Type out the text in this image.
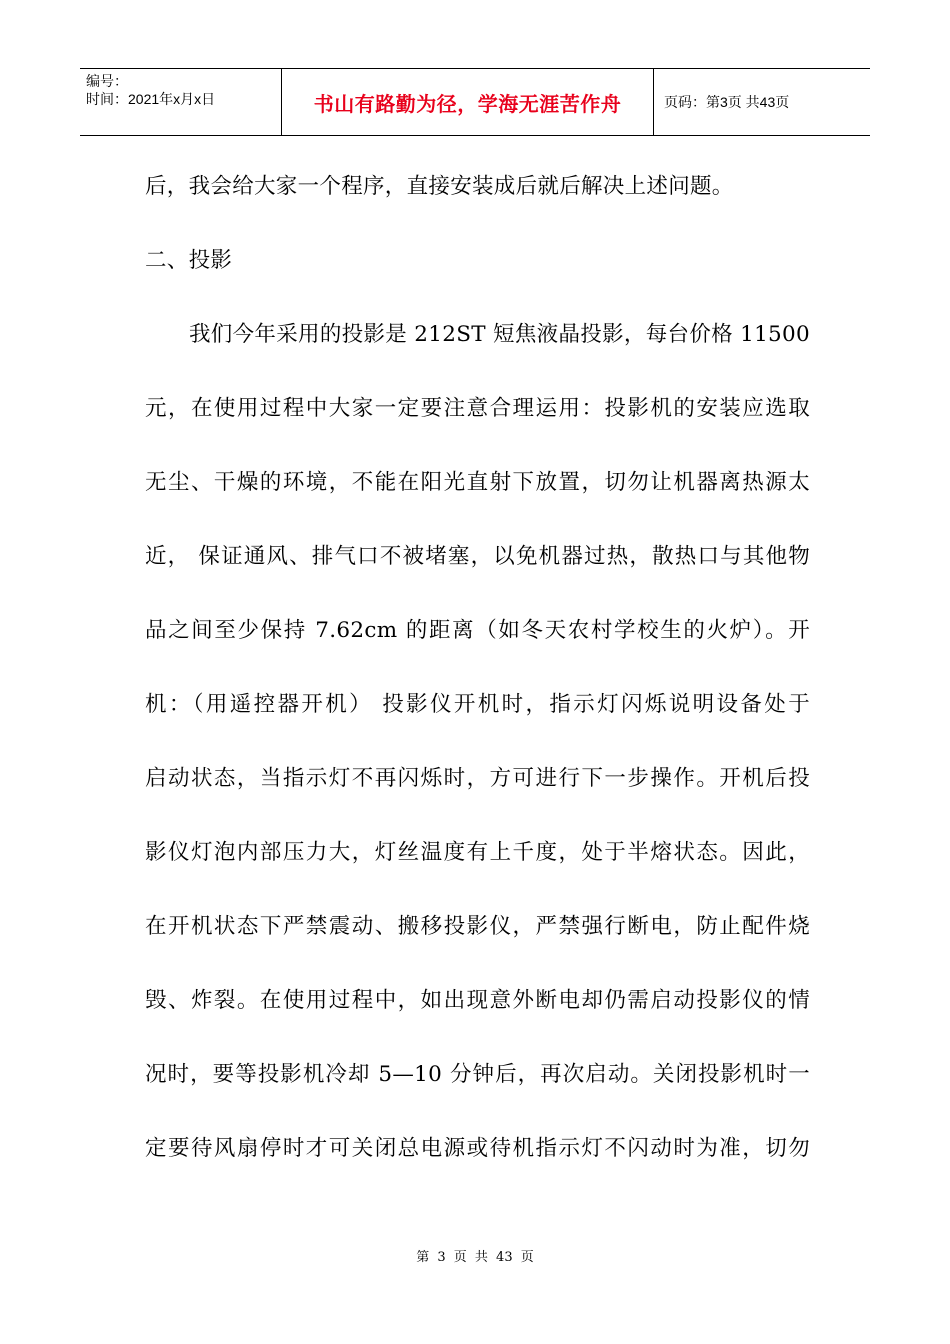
编号：
时间：2021年x月x日	书山有路勤为径，学海无涯苦作舟	页码：第3页 共43页
后，我会给大家一个程序，直接安装成后就后解决上述问题。
二、投影
我们今年采用的投影是 212ST 短焦液晶投影，每台价格 11500
元，在使用过程中大家一定要注意合理运用：投影机的安装应选取
无尘、干燥的环境，不能在阳光直射下放置，切勿让机器离热源太
近， 保证通风、排气口不被堵塞，以免机器过热，散热口与其他物
品之间至少保持 7.62cm 的距离（如冬天农村学校生的火炉）。开
机：（用遥控器开机） 投影仪开机时，指示灯闪烁说明设备处于
启动状态，当指示灯不再闪烁时，方可进行下一步操作。开机后投
影仪灯泡内部压力大，灯丝温度有上千度，处于半熔状态。因此，
在开机状态下严禁震动、搬移投影仪，严禁强行断电，防止配件烧
毁、炸裂。在使用过程中，如出现意外断电却仍需启动投影仪的情
况时，要等投影机冷却 5—10 分钟后，再次启动。关闭投影机时一
定要待风扇停时才可关闭总电源或待机指示灯不闪动时为准，切勿
第 3 页 共 43 页
